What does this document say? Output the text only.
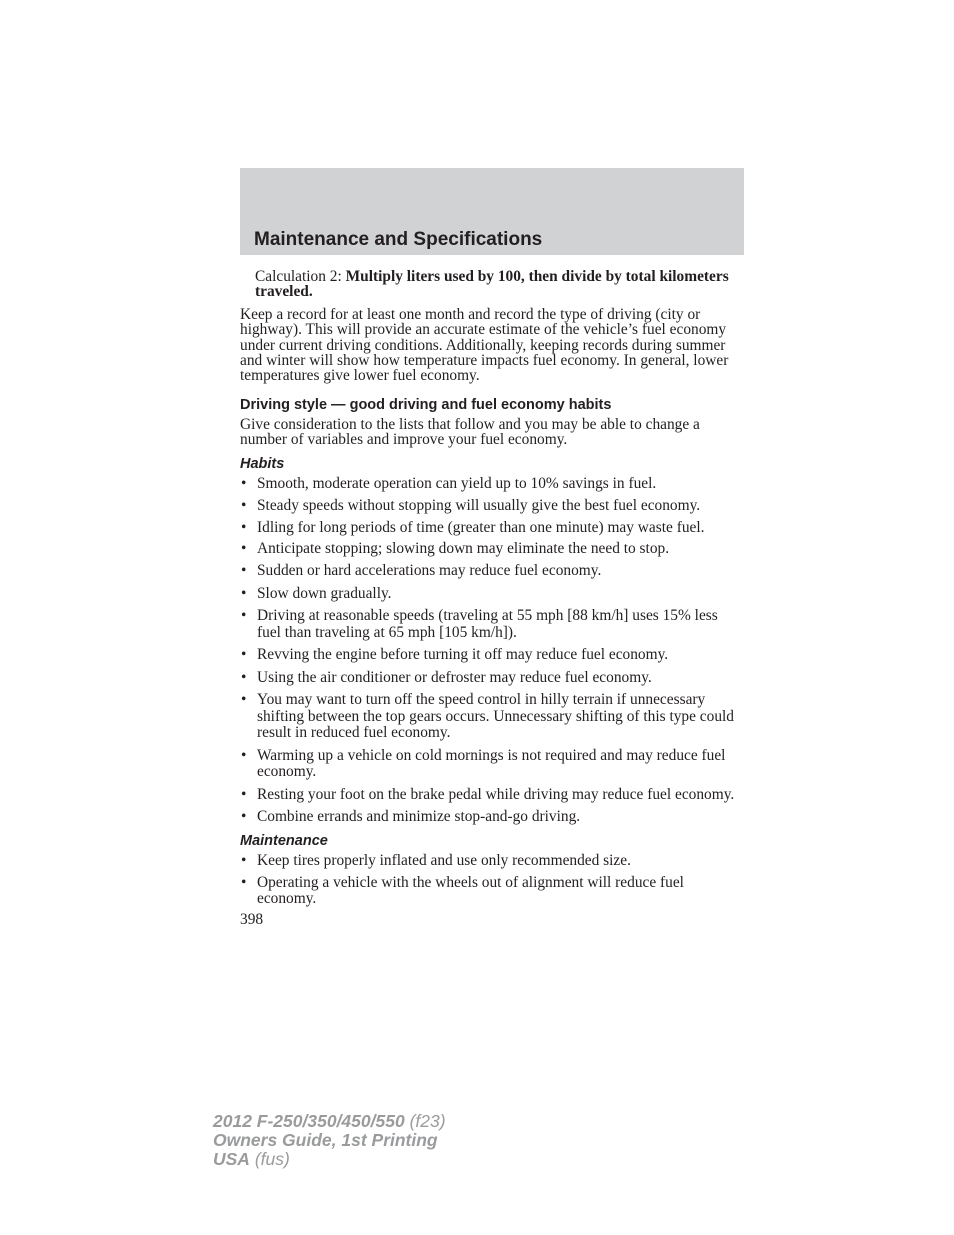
Maintenance and Specifications

Calculation 2: Multiply liters used by 100, then divide by total kilometers traveled.

Keep a record for at least one month and record the type of driving (city or highway). This will provide an accurate estimate of the vehicle’s fuel economy under current driving conditions. Additionally, keeping records during summer and winter will show how temperature impacts fuel economy. In general, lower temperatures give lower fuel economy.

Driving style — good driving and fuel economy habits

Give consideration to the lists that follow and you may be able to change a number of variables and improve your fuel economy.

Habits
• Smooth, moderate operation can yield up to 10% savings in fuel.
• Steady speeds without stopping will usually give the best fuel economy.
• Idling for long periods of time (greater than one minute) may waste fuel.
• Anticipate stopping; slowing down may eliminate the need to stop.
• Sudden or hard accelerations may reduce fuel economy.
• Slow down gradually.
• Driving at reasonable speeds (traveling at 55 mph [88 km/h] uses 15% less fuel than traveling at 65 mph [105 km/h]).
• Revving the engine before turning it off may reduce fuel economy.
• Using the air conditioner or defroster may reduce fuel economy.
• You may want to turn off the speed control in hilly terrain if unnecessary shifting between the top gears occurs. Unnecessary shifting of this type could result in reduced fuel economy.
• Warming up a vehicle on cold mornings is not required and may reduce fuel economy.
• Resting your foot on the brake pedal while driving may reduce fuel economy.
• Combine errands and minimize stop-and-go driving.
Maintenance
• Keep tires properly inflated and use only recommended size.
• Operating a vehicle with the wheels out of alignment will reduce fuel economy.
398
2012 F-250/350/450/550 (f23)
Owners Guide, 1st Printing
USA (fus)
